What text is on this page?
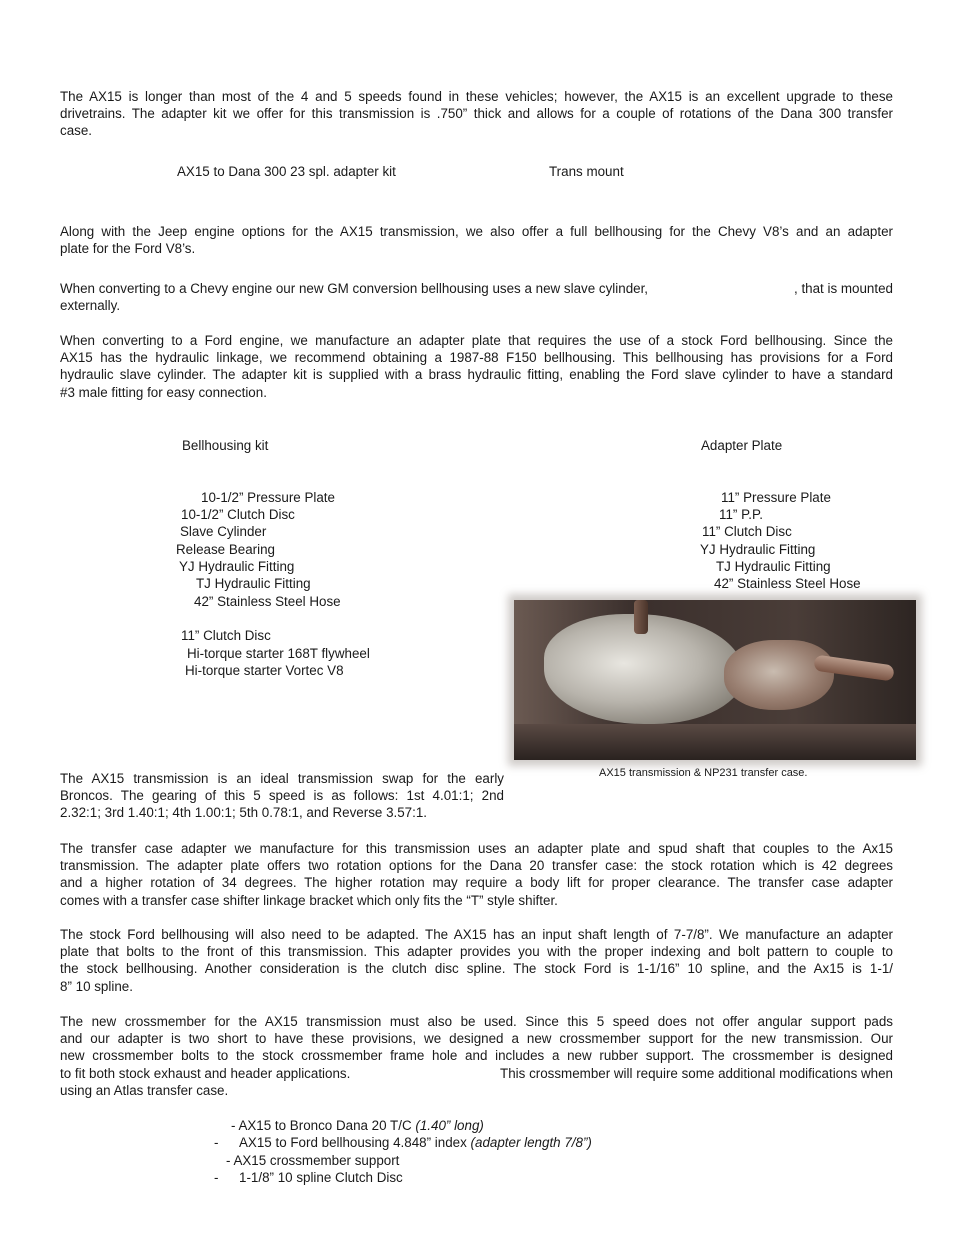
The AX15 is longer than most of the 4 and 5 speeds found in these vehicles; however, the AX15 is an excellent upgrade to these
drivetrains. The adapter kit we offer for this transmission is .750” thick and allows for a couple of rotations of the Dana 300 transfer
case.
AX15 to Dana 300 23 spl. adapter kit	Trans mount
Along with the Jeep engine options for the AX15 transmission, we also offer a full bellhousing for the Chevy V8’s and an adapter
plate for the Ford V8’s.
When converting to a Chevy engine our new GM conversion bellhousing uses a new slave cylinder,	, that is mounted
externally.
When converting to a Ford engine, we manufacture an adapter plate that requires the use of a stock Ford bellhousing. Since the
AX15 has the hydraulic linkage, we recommend obtaining a 1987-88 F150 bellhousing. This bellhousing has provisions for a Ford
hydraulic slave cylinder. The adapter kit is supplied with a brass hydraulic fitting, enabling the Ford slave cylinder to have a standard
#3 male fitting for easy connection.
Bellhousing kit
10-1/2” Pressure Plate
10-1/2” Clutch Disc
Slave Cylinder
Release Bearing
YJ Hydraulic Fitting
TJ Hydraulic Fitting
42” Stainless Steel Hose
11” Clutch Disc
Hi-torque starter 168T flywheel
Hi-torque starter Vortec V8
Adapter Plate
11” Pressure Plate
11” P.P.
11” Clutch Disc
YJ Hydraulic Fitting
TJ Hydraulic Fitting
42” Stainless Steel Hose
AX15 transmission & NP231 transfer case.
The AX15 transmission is an ideal transmission swap for the early
Broncos. The gearing of this 5 speed is as follows: 1st 4.01:1; 2nd
2.32:1; 3rd 1.40:1; 4th 1.00:1; 5th 0.78:1, and Reverse 3.57:1.
The transfer case adapter we manufacture for this transmission uses an adapter plate and spud shaft that couples to the Ax15
transmission. The adapter plate offers two rotation options for the Dana 20 transfer case: the stock rotation which is 42 degrees
and a higher rotation of 34 degrees. The higher rotation may require a body lift for proper clearance. The transfer case adapter
comes with a transfer case shifter linkage bracket which only fits the “T” style shifter.
The stock Ford bellhousing will also need to be adapted. The AX15 has an input shaft length of 7-7/8”. We manufacture an adapter
plate that bolts to the front of this transmission. This adapter provides you with the proper indexing and bolt pattern to couple to
the stock bellhousing. Another consideration is the clutch disc spline. The stock Ford is 1-1/16” 10 spline, and the Ax15 is 1-1/
8” 10 spline.
The new crossmember for the AX15 transmission must also be used. Since this 5 speed does not offer angular support pads
and our adapter is two short to have these provisions, we designed a new crossmember support for the new transmission. Our
new crossmember bolts to the stock crossmember frame hole and includes a new rubber support. The crossmember is designed
to fit both stock exhaust and header applications.	This crossmember will require some additional modifications when
using an Atlas transfer case.
- AX15 to Bronco Dana 20 T/C (1.40” long)
- AX15 to Ford bellhousing 4.848” index (adapter length 7/8”)
- AX15 crossmember support
- 1-1/8” 10 spline Clutch Disc
